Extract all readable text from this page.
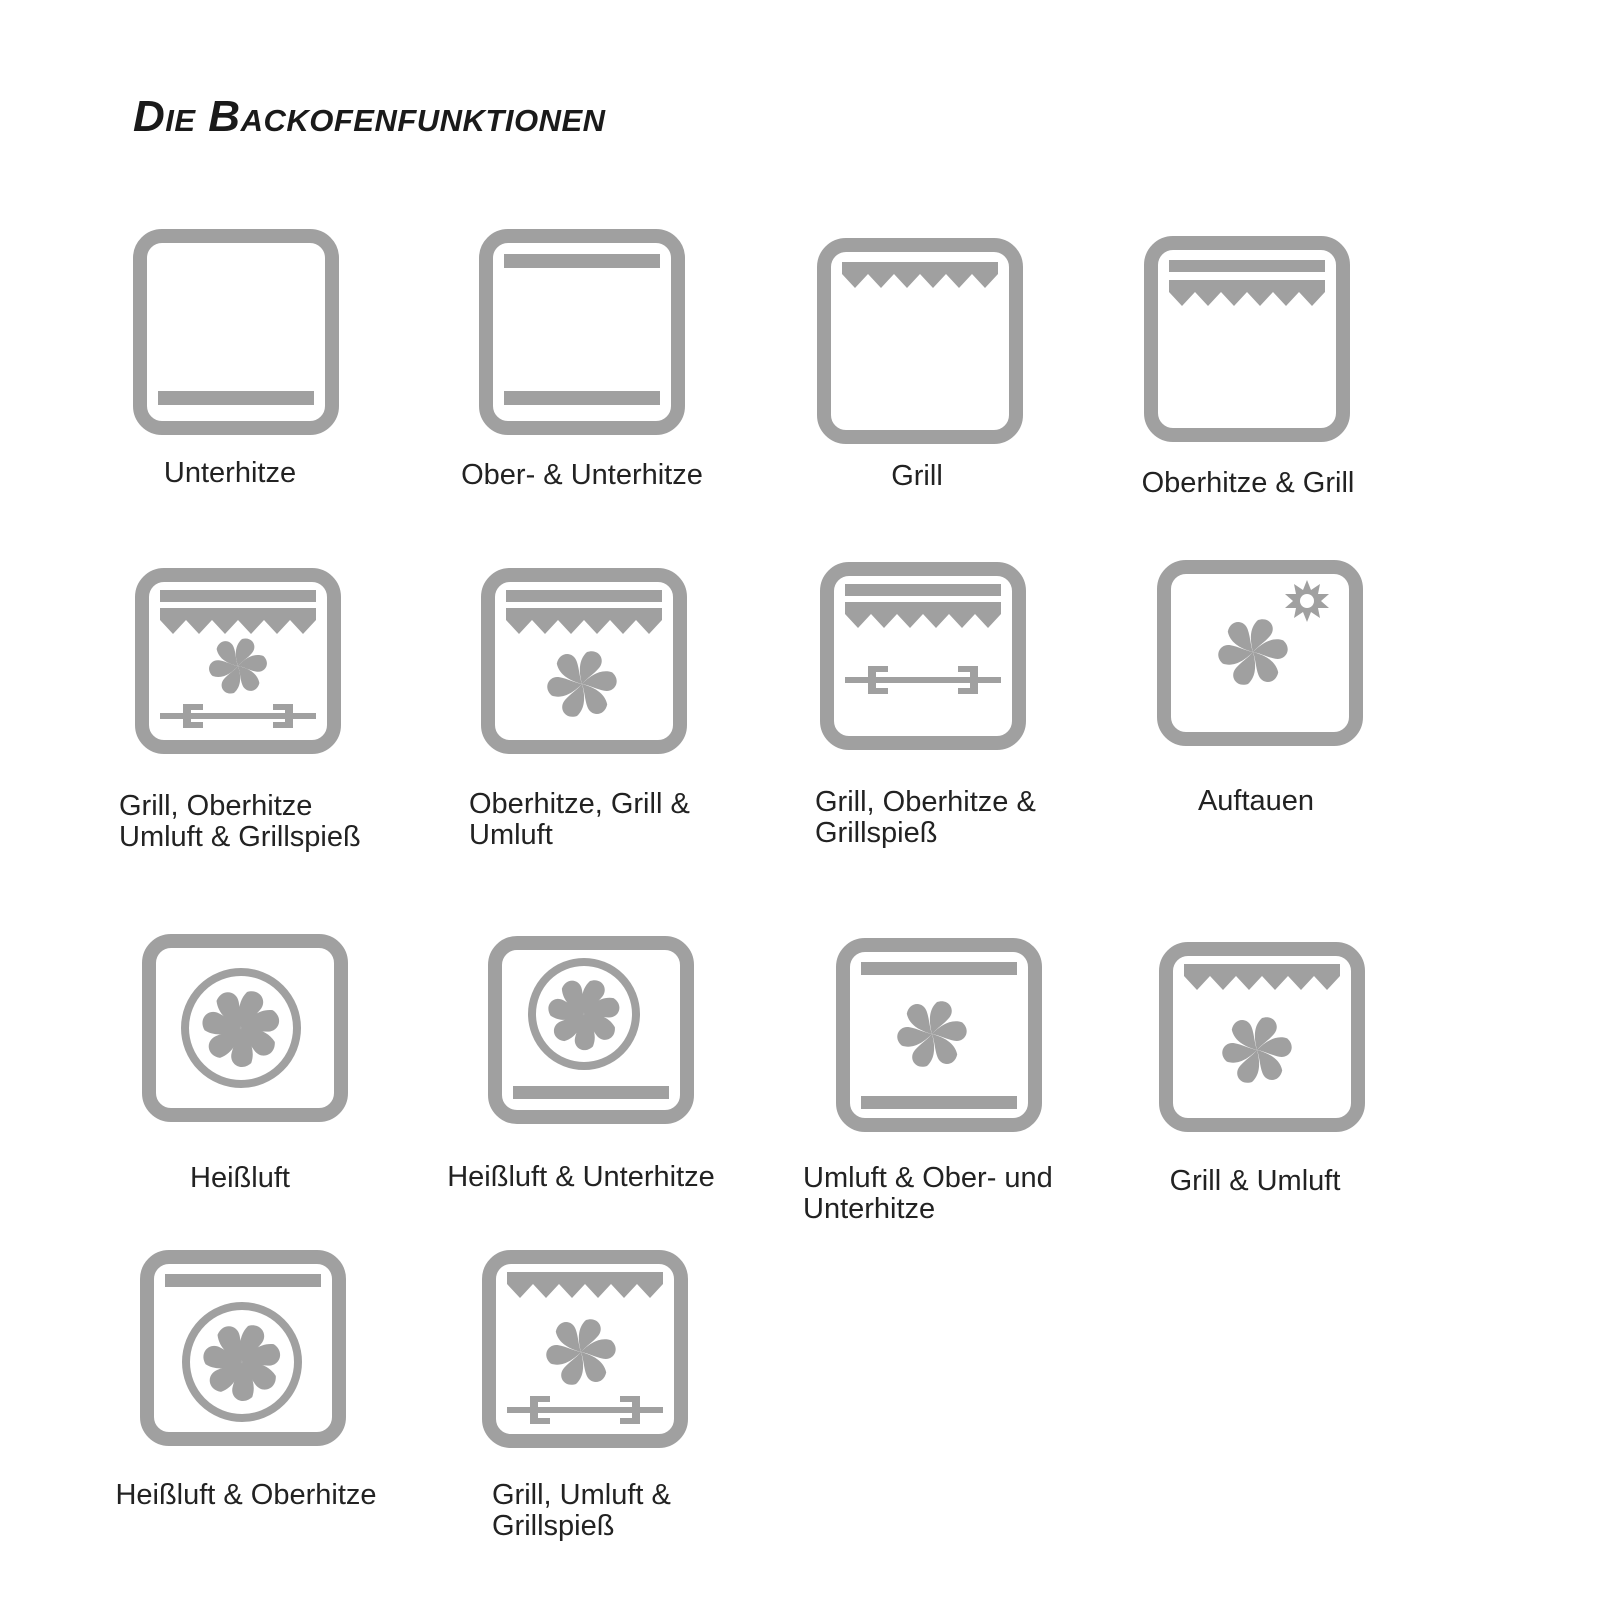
Die Backofenfunktionen
Unterhitze	Ober- & Unterhitze	Grill	Oberhitze & Grill
Grill, Oberhitze
Umluft & Grillspieß
Oberhitze, Grill &
Umluft
Grill, Oberhitze &
Grillspieß
Auftauen
Heißluft	Heißluft & Unterhitze	Umluft & Ober- und
Unterhitze
Grill & Umluft
Heißluft & Oberhitze	Grill, Umluft &
Grillspieß
